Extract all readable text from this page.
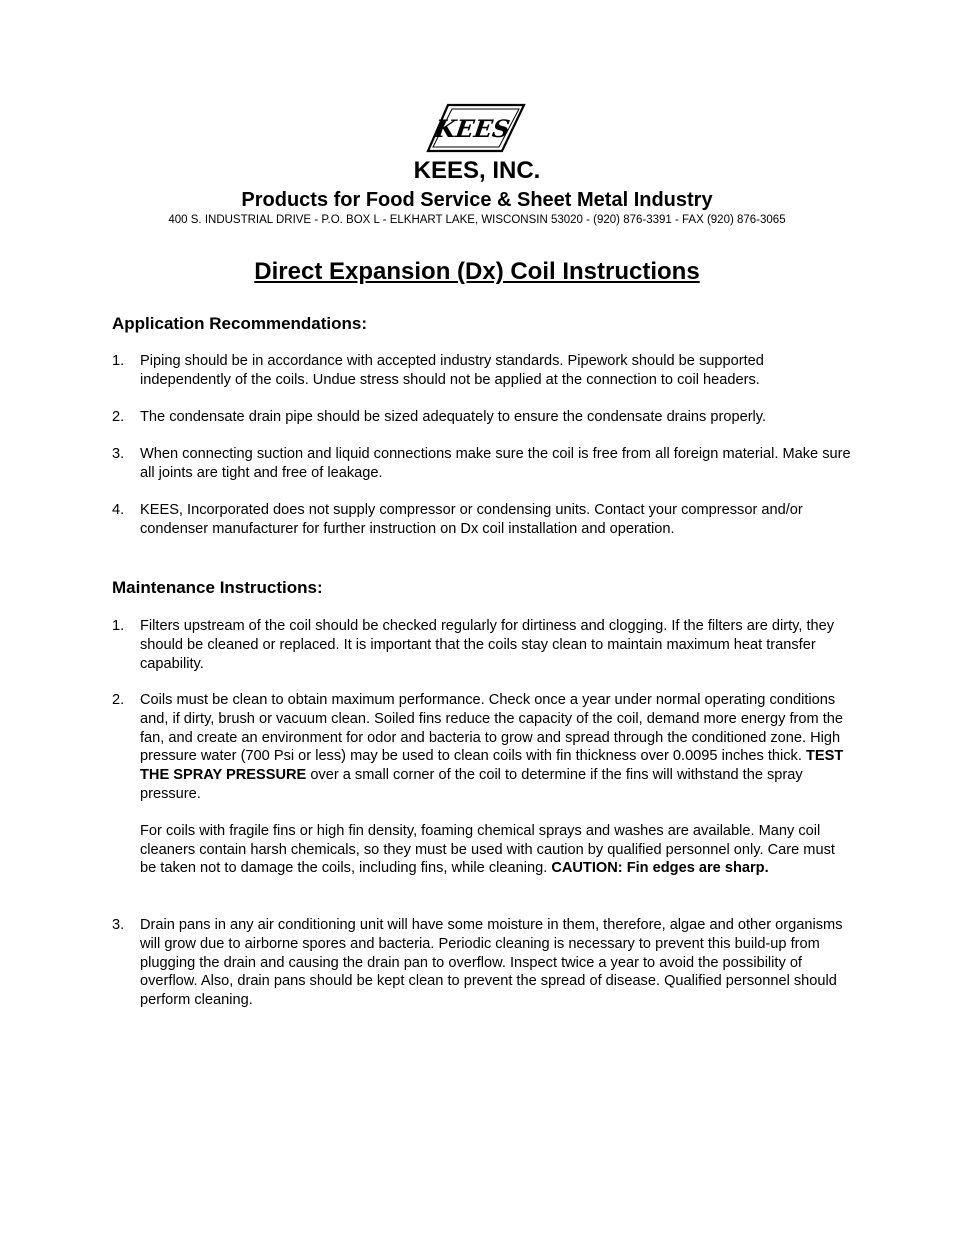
KEES
KEES, INC.
Products for Food Service & Sheet Metal Industry
400 S. INDUSTRIAL DRIVE - P.O. BOX L - ELKHART LAKE, WISCONSIN 53020 - (920) 876-3391 - FAX (920) 876-3065
Direct Expansion (Dx) Coil Instructions
Application Recommendations:
1.	Piping should be in accordance with accepted industry standards. Pipework should be supported independently of the coils. Undue stress should not be applied at the connection to coil headers.
2.	The condensate drain pipe should be sized adequately to ensure the condensate drains properly.
3.	When connecting suction and liquid connections make sure the coil is free from all foreign material. Make sure all joints are tight and free of leakage.
4.	KEES, Incorporated does not supply compressor or condensing units. Contact your compressor and/or condenser manufacturer for further instruction on Dx coil installation and operation.
Maintenance Instructions:
1.	Filters upstream of the coil should be checked regularly for dirtiness and clogging. If the filters are dirty, they should be cleaned or replaced. It is important that the coils stay clean to maintain maximum heat transfer capability.
2.	Coils must be clean to obtain maximum performance. Check once a year under normal operating conditions and, if dirty, brush or vacuum clean. Soiled fins reduce the capacity of the coil, demand more energy from the fan, and create an environment for odor and bacteria to grow and spread through the conditioned zone. High pressure water (700 Psi or less) may be used to clean coils with fin thickness over 0.0095 inches thick. TEST THE SPRAY PRESSURE over a small corner of the coil to determine if the fins will withstand the spray pressure.
For coils with fragile fins or high fin density, foaming chemical sprays and washes are available. Many coil cleaners contain harsh chemicals, so they must be used with caution by qualified personnel only. Care must be taken not to damage the coils, including fins, while cleaning. CAUTION: Fin edges are sharp.
3.	Drain pans in any air conditioning unit will have some moisture in them, therefore, algae and other organisms will grow due to airborne spores and bacteria. Periodic cleaning is necessary to prevent this build-up from plugging the drain and causing the drain pan to overflow. Inspect twice a year to avoid the possibility of overflow. Also, drain pans should be kept clean to prevent the spread of disease. Qualified personnel should perform cleaning.
